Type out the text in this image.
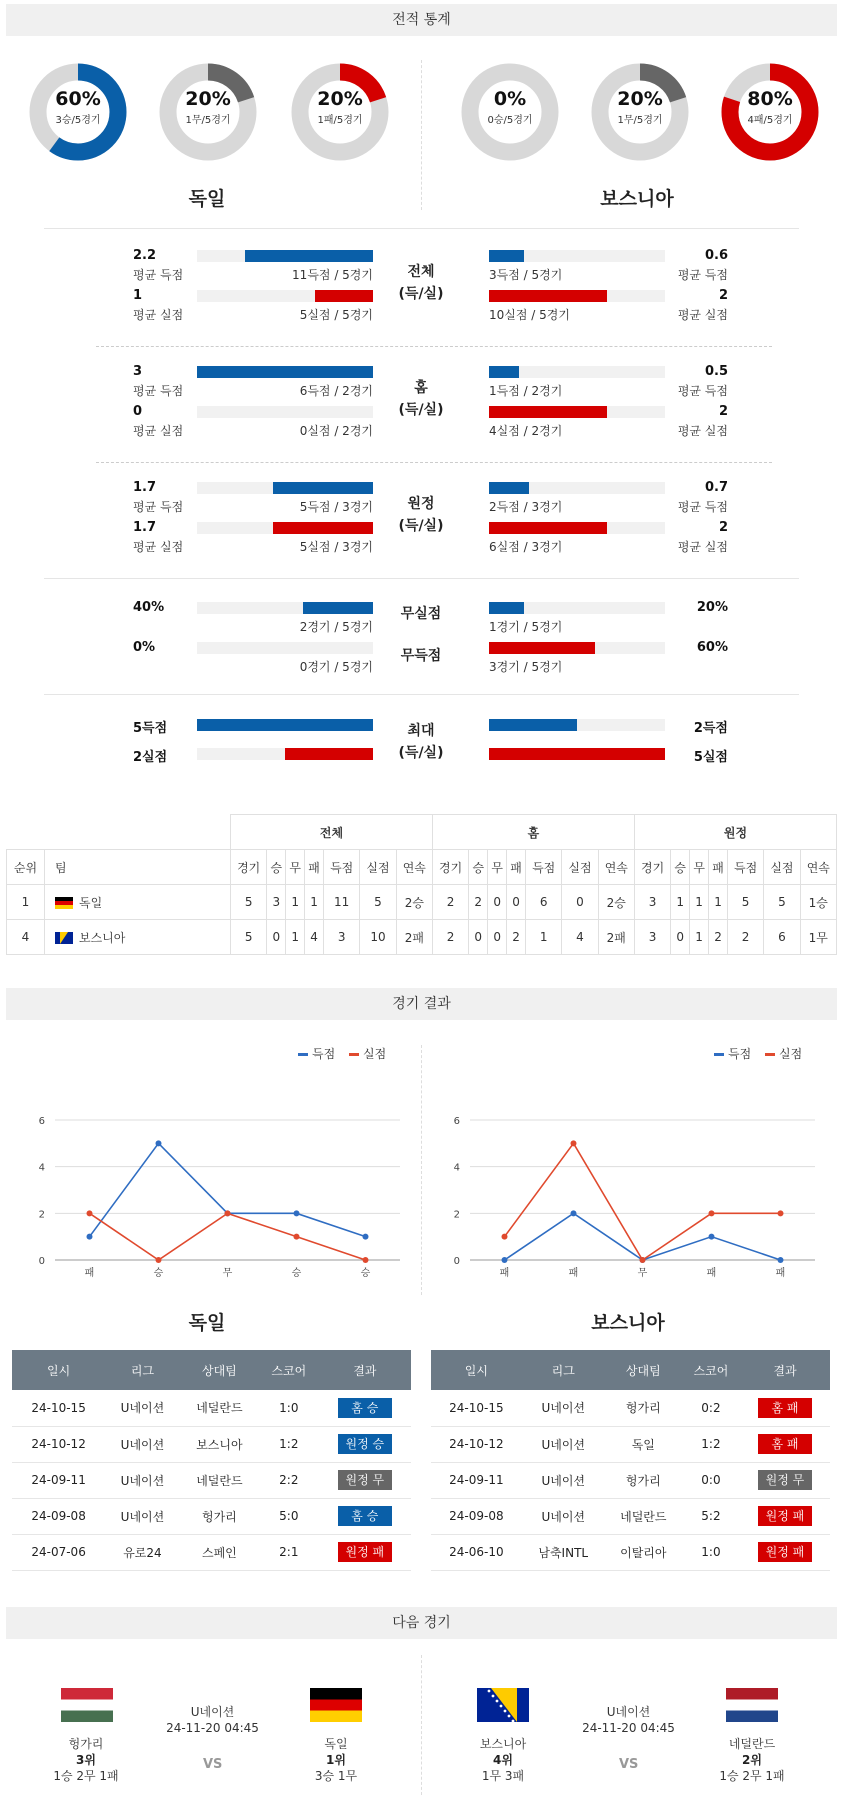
전적 통계
60%
3승/5경기
20%
1무/5경기
20%
1패/5경기
0%
0승/5경기
20%
1무/5경기
80%
4패/5경기
독일	보스니아
2.2
평균 득점	11득점 / 5경기
1
평균 실점	5실점 / 5경기
전체
(득/실)
3득점 / 5경기
0.6
평균 득점
10실점 / 5경기
2
평균 실점
3
평균 득점	6득점 / 2경기
0
평균 실점	0실점 / 2경기
홈
(득/실)
1득점 / 2경기
0.5
평균 득점
4실점 / 2경기
2
평균 실점
1.7
평균 득점	5득점 / 3경기
1.7
평균 실점	5실점 / 3경기
원정
(득/실)
2득점 / 3경기
0.7
평균 득점
6실점 / 3경기
2
평균 실점
40%
2경기 / 5경기
0%
0경기 / 5경기
무실점
무득점
1경기 / 5경기
20%
3경기 / 5경기
60%
5득점
2실점
최대
(득/실)
2득점
5실점
		전체							홈							원정						
순위	팀	경기	승	무	패	득점	실점	연속	경기	승	무	패	득점	실점	연속	경기	승	무	패	득점	실점	연속
1	독일	5	3	1	1	11	5	2승	2	2	0	0	6	0	2승	3	1	1	1	5	5	1승
4	보스니아	5	0	1	4	3	10	2패	2	0	0	2	1	4	2패	3	0	1	2	2	6	1무
경기 결과
득점 실점	득점 실점
0
2
4
6
패	승	무	승	승
0
2
4
6
패	패	무	패	패
독일	보스니아
일시	리그	상대팀	스코어	결과
24-10-15	U네이션	네덜란드	1:0	홈 승
24-10-12	U네이션	보스니아	1:2	원정 승
24-09-11	U네이션	네덜란드	2:2	원정 무
24-09-08	U네이션	헝가리	5:0	홈 승
24-07-06	유로24	스페인	2:1	원정 패
일시	리그	상대팀	스코어	결과
24-10-15	U네이션	헝가리	0:2	홈 패
24-10-12	U네이션	독일	1:2	홈 패
24-09-11	U네이션	헝가리	0:0	원정 무
24-09-08	U네이션	네덜란드	5:2	원정 패
24-06-10	남축INTL	이탈리아	1:0	원정 패
다음 경기
헝가리
3위
1승 2무 1패
U네이션
24-11-20 04:45
VS
독일
1위
3승 1무
보스니아
4위
1무 3패
U네이션
24-11-20 04:45
VS
네덜란드
2위
1승 2무 1패
